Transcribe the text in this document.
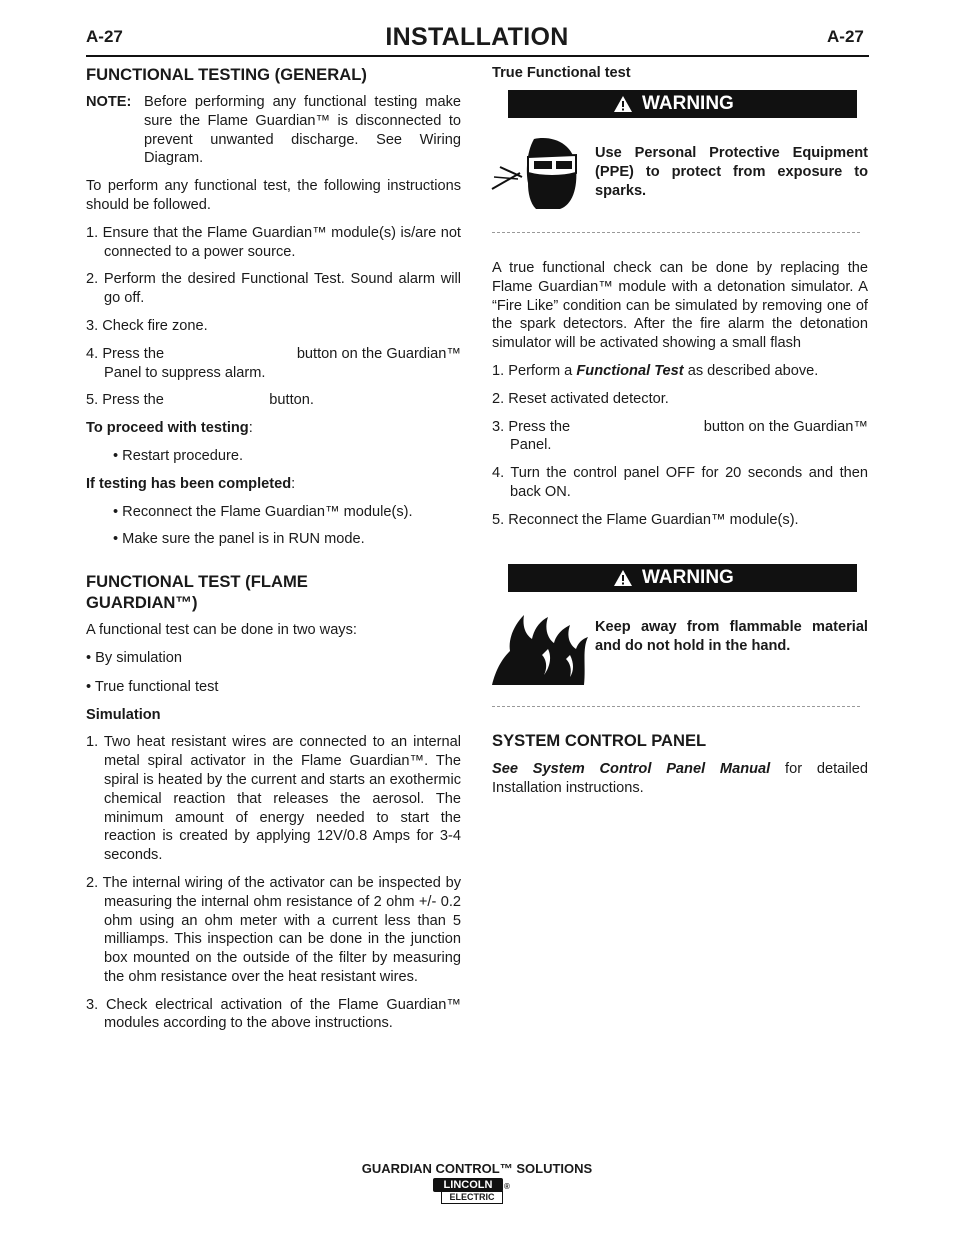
A-27	INSTALLATION	A-27

FUNCTIONAL TESTING (GENERAL)

NOTE: Before performing any functional testing make sure the Flame Guardian™ is disconnected to prevent unwanted discharge. See Wiring Diagram.

To perform any functional test, the following instructions should be followed.

1. Ensure that the Flame Guardian™ module(s) is/are not connected to a power source.

2. Perform the desired Functional Test. Sound alarm will go off.

3. Check fire zone.

4. Press the                                button on the Guardian™ Panel to suppress alarm.

5. Press the                          button.

To proceed with testing:

• Restart procedure.

If testing has been completed:

• Reconnect the Flame Guardian™ module(s).

• Make sure the panel is in RUN mode.

FUNCTIONAL TEST (FLAME GUARDIAN™)

A functional test can be done in two ways:

• By simulation

• True functional test

Simulation

1. Two heat resistant wires are connected to an internal metal spiral activator in the Flame Guardian™. The spiral is heated by the current and starts an exothermic chemical reaction that releases the aerosol. The minimum amount of energy needed to start the reaction is created by applying 12V/0.8 Amps for 3-4 seconds.

2. The internal wiring of the activator can be inspected by measuring the internal ohm resistance of 2 ohm +/- 0.2 ohm using an ohm meter with a current less than 5 milliamps. This inspection can be done in the junction box mounted on the outside of the filter by measuring the ohm resistance over the heat resistant wires.

3. Check electrical activation of the Flame Guardian™ modules according to the above instructions.

True Functional test
WARNING
Use Personal Protective Equipment (PPE) to protect from exposure to sparks.

A true functional check can be done by replacing the Flame Guardian™ module with a detonation simulator. A “Fire Like” condition can be simulated by removing one of the spark detectors. After the fire alarm the detonation simulator will be activated showing a small flash

1. Perform a Functional Test as described above.

2. Reset activated detector.

3. Press the                                button on the Guardian™ Panel.

4. Turn the control panel OFF for 20 seconds and then back ON.

5. Reconnect the Flame Guardian™ module(s).

WARNING
Keep away from flammable material and do not hold in the hand.
SYSTEM CONTROL PANEL
See System Control Panel Manual for detailed Installation instructions.
GUARDIAN CONTROL™ SOLUTIONS
LINCOLN
ELECTRIC
®
